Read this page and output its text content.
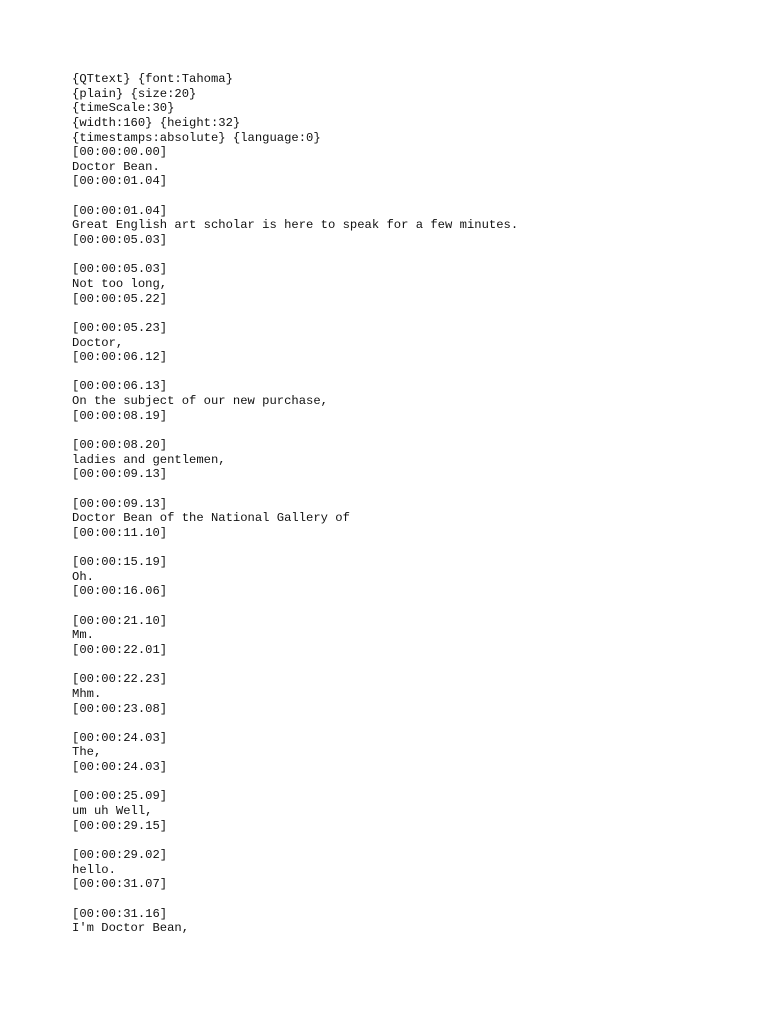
{QTtext} {font:Tahoma}
{plain} {size:20}
{timeScale:30}
{width:160} {height:32}
{timestamps:absolute} {language:0}
[00:00:00.00]
Doctor Bean.
[00:00:01.04]
[00:00:01.04]
Great English art scholar is here to speak for a few minutes.
[00:00:05.03]
[00:00:05.03]
Not too long,
[00:00:05.22]
[00:00:05.23]
Doctor,
[00:00:06.12]
[00:00:06.13]
On the subject of our new purchase,
[00:00:08.19]
[00:00:08.20]
ladies and gentlemen,
[00:00:09.13]
[00:00:09.13]
Doctor Bean of the National Gallery of
[00:00:11.10]
[00:00:15.19]
Oh.
[00:00:16.06]
[00:00:21.10]
Mm.
[00:00:22.01]
[00:00:22.23]
Mhm.
[00:00:23.08]
[00:00:24.03]
The,
[00:00:24.03]
[00:00:25.09]
um uh Well,
[00:00:29.15]
[00:00:29.02]
hello.
[00:00:31.07]
[00:00:31.16]
I'm Doctor Bean,
